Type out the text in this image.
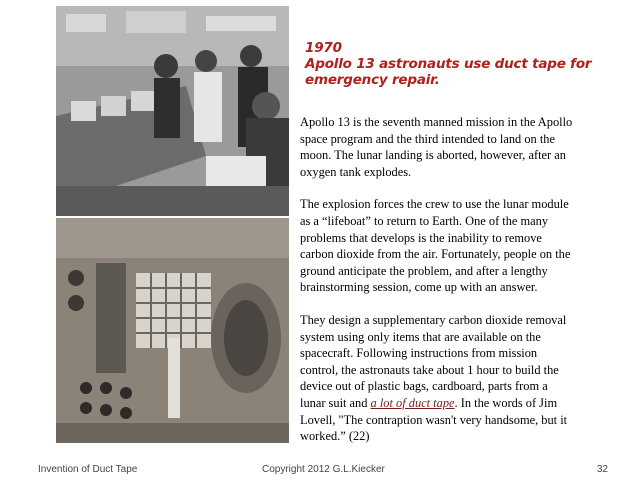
1970
Apollo 13 astronauts use duct tape for emergency repair.

Apollo 13 is the seventh manned mission in the Apollo space program and the third intended to land on the moon. The lunar landing is aborted, however, after an oxygen tank explodes.

The explosion forces the crew to use the lunar module as a “lifeboat” to return to Earth. One of the many problems that develops is the inability to remove carbon dioxide from the air. Fortunately, people on the ground anticipate the problem, and after a lengthy brainstorming session, come up with an answer.

They design a supplementary carbon dioxide removal system using only items that are available on the spacecraft. Following instructions from mission control, the astronauts take about 1 hour to build the device out of plastic bags, cardboard, parts from a lunar suit and a lot of duct tape. In the words of Jim Lovell, "The contraption wasn't very handsome, but it worked.” (22)

Invention of Duct Tape	Copyright 2012 G.L.Kiecker	32
